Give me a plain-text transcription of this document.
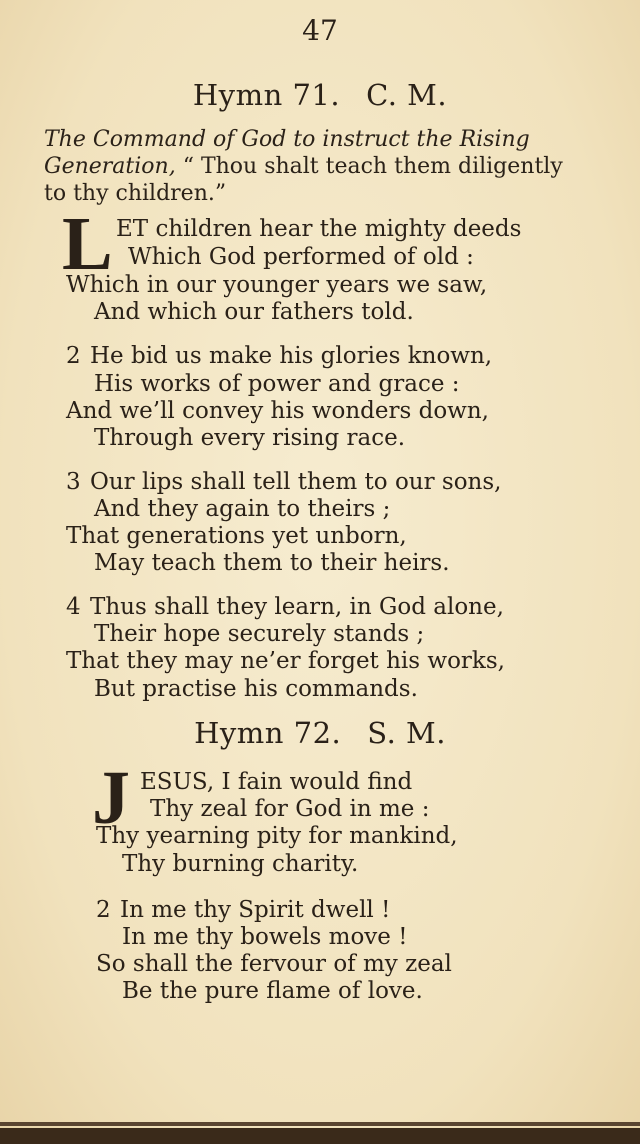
47
Hymn 71. C. M.
The Command of God to instruct the Rising Generation, “ Thou shalt teach them diligently to thy children.”
L ET children hear the mighty deeds
Which God performed of old :
Which in our younger years we saw,
And which our fathers told.
2 He bid us make his glories known,
His works of power and grace :
And we’ll convey his wonders down,
Through every rising race.
3 Our lips shall tell them to our sons,
And they again to theirs ;
That generations yet unborn,
May teach them to their heirs.
4 Thus shall they learn, in God alone,
Their hope securely stands ;
That they may ne’er forget his works,
But practise his commands.
Hymn 72. S. M.
J ESUS, I fain would find
Thy zeal for God in me :
Thy yearning pity for mankind,
Thy burning charity.
2 In me thy Spirit dwell !
In me thy bowels move !
So shall the fervour of my zeal
Be the pure flame of love.
